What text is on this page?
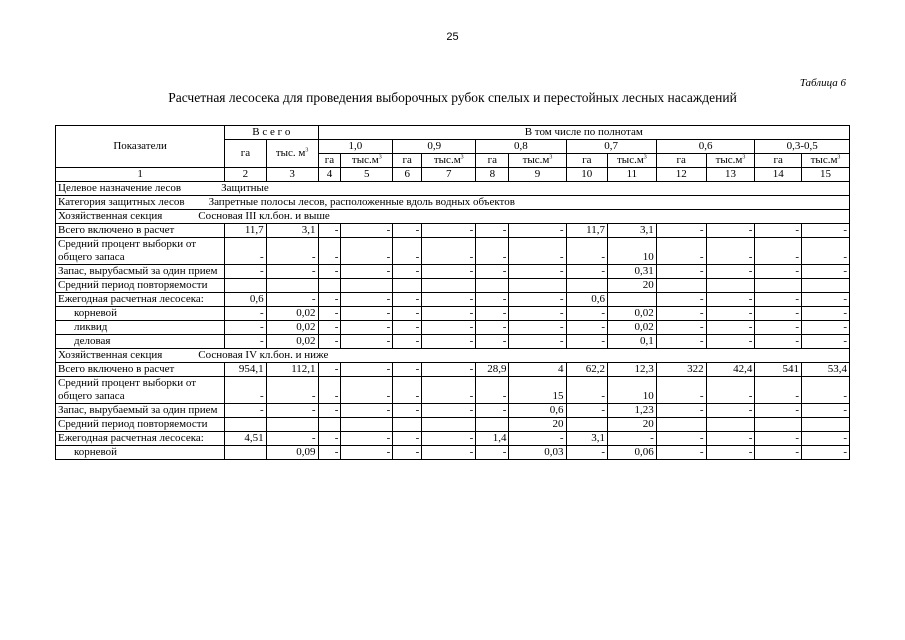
25
Таблица 6
Расчетная лесосека для проведения выборочных рубок спелых и перестойных лесных насаждений
Показатели	В с е г о		В том числе по полнотам											
	га	тыс. $м^3$	1,0		0,9		0,8		0,7		0,6		0,3-0,5	
			га	$тыс.м^3$	га	$тыс.м^3$	га	$тыс.м^3$	га	$тыс.м^3$	га	$тыс.м^3$	га	$тыс.м^3$
1	2	3	4	5	6	7	8	9	10	11	12	13	14	15
Целевое назначение лесов Защитные														
Категория защитных лесов Запретные полосы лесов, расположенные вдоль водных объектов														
Хозяйственная секция Сосновая III кл.бон. и выше														
Всего включено в расчет	11,7	3,1	-	-	-	-	-	-	11,7	3,1	-	-	-	-
Средний процент выборки от общего запаса	-	-	-	-	-	-	-	-	-	10	-	-	-	-
Запас, вырубасмый за один прием	-	-	-	-	-	-	-	-	-	0,31	-	-	-	-
Средний период повторяемости										20				
Ежегодная расчетная лесосека:	0,6	-	-	-	-	-	-	-	0,6		-	-	-	-
корневой	-	0,02	-	-	-	-	-	-	-	0,02	-	-	-	-
ликвид	-	0,02	-	-	-	-	-	-	-	0,02	-	-	-	-
деловая	-	0,02	-	-	-	-	-	-	-	0,1	-	-	-	-
Хозяйственная секция Сосновая IV кл.бон. и ниже														
Всего включено в расчет	954,1	112,1	-	-	-	-	28,9	4	62,2	12,3	322	42,4	541	53,4
Средний процент выборки от общего запаса	-	-	-	-	-	-	-	15	-	10	-	-	-	-
Запас, вырубаемый за один прием	-	-	-	-	-	-	-	0,6	-	1,23	-	-	-	-
Средний период повторяемости								20		20				
Ежегодная расчетная лесосека:	4,51	-	-	-	-	-	1,4	-	3,1	-	-	-	-	-
корневой		0,09	-	-	-	-	-	0,03	-	0,06	-	-	-	-
